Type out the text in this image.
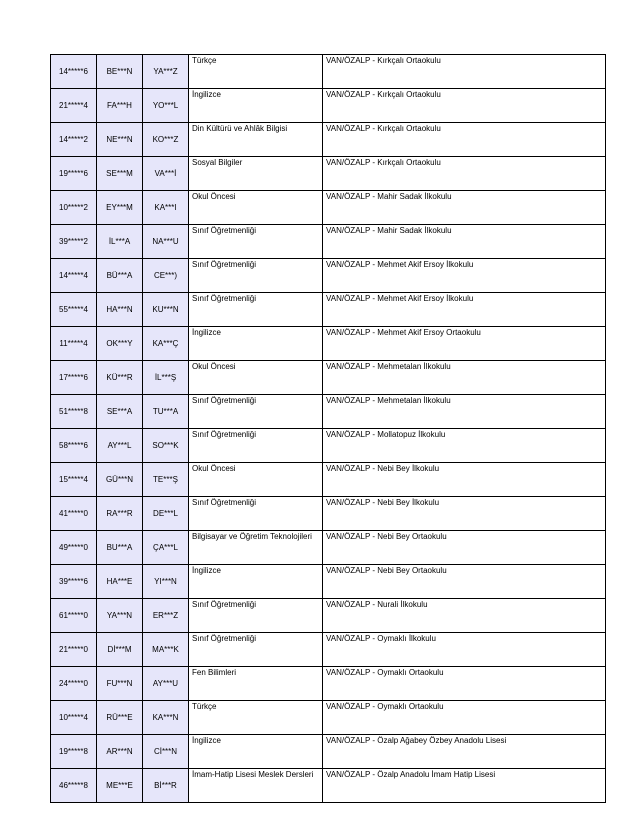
14*****6	BE***N	YA***Z	Türkçe	VAN/ÖZALP - Kırkçalı Ortaokulu
21*****4	FA***H	YO***L	İngilizce	VAN/ÖZALP - Kırkçalı Ortaokulu
14*****2	NE***N	KO***Z	Din Kültürü ve Ahlâk Bilgisi	VAN/ÖZALP - Kırkçalı Ortaokulu
19*****6	SE***M	VA***İ	Sosyal Bilgiler	VAN/ÖZALP - Kırkçalı Ortaokulu
10*****2	EY***M	KA***I	Okul Öncesi	VAN/ÖZALP - Mahir Sadak İlkokulu
39*****2	İL***A	NA***U	Sınıf Öğretmenliği	VAN/ÖZALP - Mahir Sadak İlkokulu
14*****4	BÜ***A	CE***)	Sınıf Öğretmenliği	VAN/ÖZALP - Mehmet Akif Ersoy İlkokulu
55*****4	HA***N	KU***N	Sınıf Öğretmenliği	VAN/ÖZALP - Mehmet Akif Ersoy İlkokulu
11*****4	OK***Y	KA***Ç	İngilizce	VAN/ÖZALP - Mehmet Akif Ersoy Ortaokulu
17*****6	KÜ***R	İL***Ş	Okul Öncesi	VAN/ÖZALP - Mehmetalan İlkokulu
51*****8	SE***A	TU***A	Sınıf Öğretmenliği	VAN/ÖZALP - Mehmetalan İlkokulu
58*****6	AY***L	SO***K	Sınıf Öğretmenliği	VAN/ÖZALP - Mollatopuz İlkokulu
15*****4	GÜ***N	TE***Ş	Okul Öncesi	VAN/ÖZALP - Nebi Bey İlkokulu
41*****0	RA***R	DE***L	Sınıf Öğretmenliği	VAN/ÖZALP - Nebi Bey İlkokulu
49*****0	BU***A	ÇA***L	Bilgisayar ve Öğretim Teknolojileri	VAN/ÖZALP - Nebi Bey Ortaokulu
39*****6	HA***E	YI***N	İngilizce	VAN/ÖZALP - Nebi Bey Ortaokulu
61*****0	YA***N	ER***Z	Sınıf Öğretmenliği	VAN/ÖZALP - Nurali İlkokulu
21*****0	Dİ***M	MA***K	Sınıf Öğretmenliği	VAN/ÖZALP - Oymaklı İlkokulu
24*****0	FU***N	AY***U	Fen Bilimleri	VAN/ÖZALP - Oymaklı Ortaokulu
10*****4	RÜ***E	KA***N	Türkçe	VAN/ÖZALP - Oymaklı Ortaokulu
19*****8	AR***N	Cİ***N	İngilizce	VAN/ÖZALP - Özalp Ağabey Özbey Anadolu Lisesi
46*****8	ME***E	Bİ***R	İmam-Hatip Lisesi Meslek Dersleri	VAN/ÖZALP - Özalp Anadolu İmam Hatip Lisesi
